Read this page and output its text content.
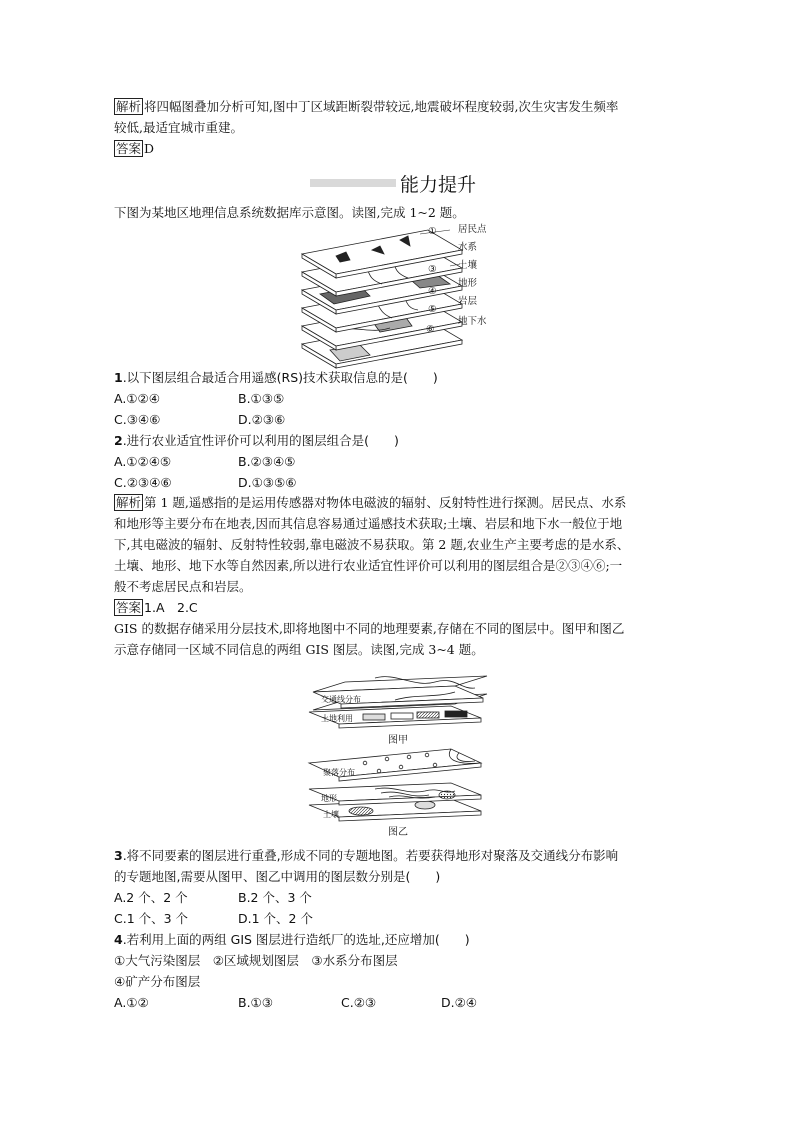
解析 将四幅图叠加分析可知,图中丁区域距断裂带较远,地震破坏程度较弱,次生灾害发生频率
较低,最适宜城市重建。
答案 D
能力提升
下图为某地区地理信息系统数据库示意图。读图,完成 1~2 题。
① 居民点
水系
③ 土壤
地形
④
⑤
岩层
⑥
地下水
1.以下图层组合最适合用遥感(RS)技术获取信息的是(　　)
A.①②④	B.①③⑤
C.③④⑥	D.②③⑥
2.进行农业适宜性评价可以利用的图层组合是(　　)
A.①②④⑤	B.②③④⑤
C.②③④⑥	D.①③⑤⑥
解析 第 1 题,遥感指的是运用传感器对物体电磁波的辐射、反射特性进行探测。居民点、水系
和地形等主要分布在地表,因而其信息容易通过遥感技术获取;土壤、岩层和地下水一般位于地
下,其电磁波的辐射、反射特性较弱,靠电磁波不易获取。第 2 题,农业生产主要考虑的是水系、
土壤、地形、地下水等自然因素,所以进行农业适宜性评价可以利用的图层组合是②③④⑥;一
般不考虑居民点和岩层。
答案 1.A　2.C
GIS 的数据存储采用分层技术,即将地图中不同的地理要素,存储在不同的图层中。图甲和图乙
示意存储同一区域不同信息的两组 GIS 图层。读图,完成 3~4 题。
交通线分布
土地利用
图甲
聚落分布
地形
土壤
图乙
3.将不同要素的图层进行重叠,形成不同的专题地图。若要获得地形对聚落及交通线分布影响
的专题地图,需要从图甲、图乙中调用的图层数分别是(　　)
A.2 个、2 个	B.2 个、3 个
C.1 个、3 个	D.1 个、2 个
4.若利用上面的两组 GIS 图层进行造纸厂的选址,还应增加(　　)
①大气污染图层　②区域规划图层　③水系分布图层
④矿产分布图层
A.①②	B.①③	C.②③	D.②④
